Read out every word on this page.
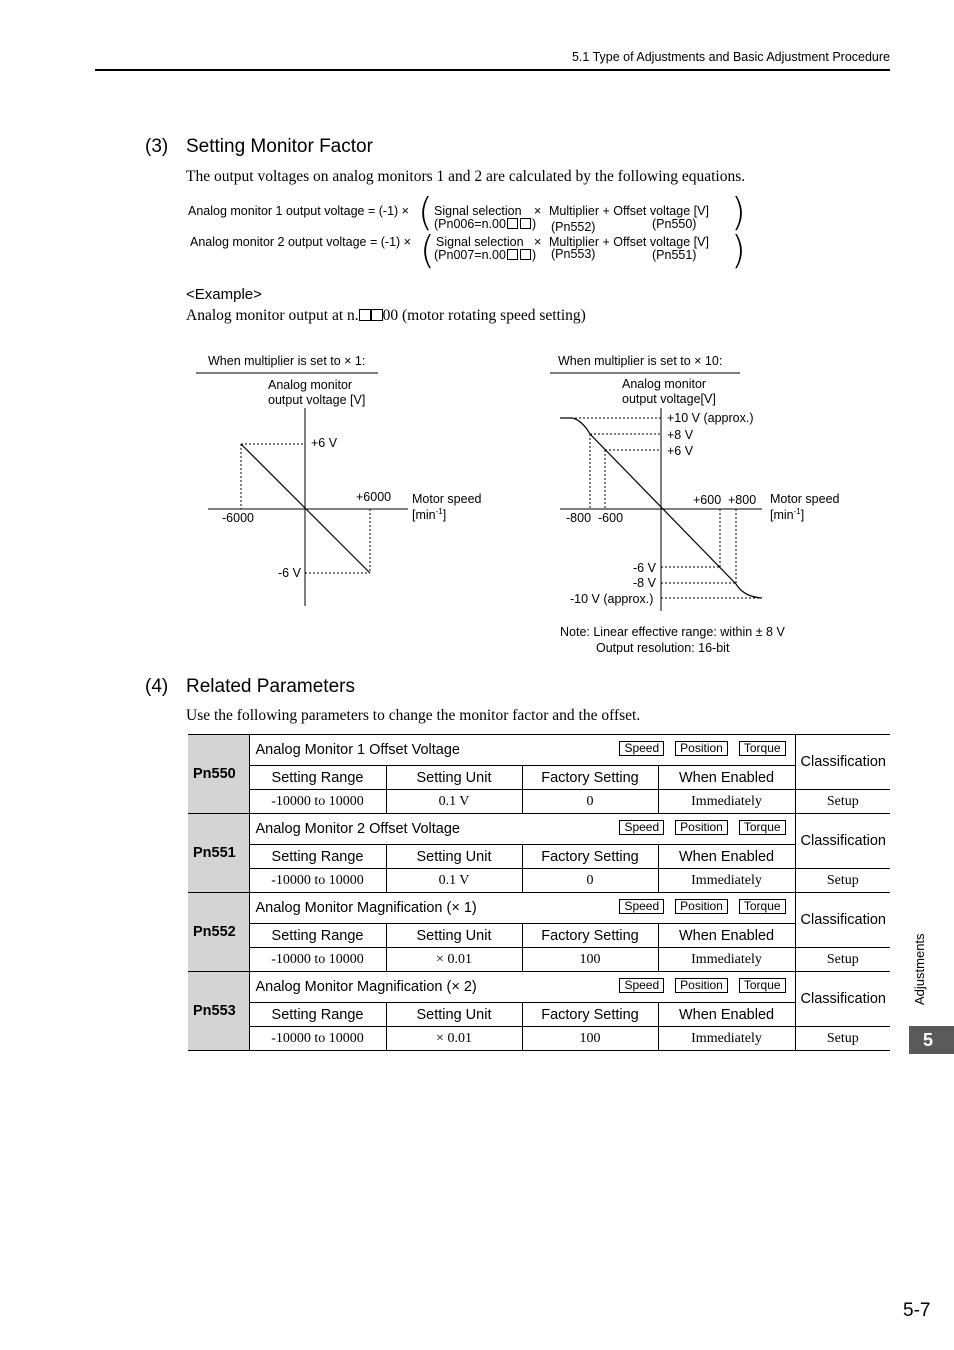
5.1 Type of Adjustments and Basic Adjustment Procedure
(3) Setting Monitor Factor
The output voltages on analog monitors 1 and 2 are calculated by the following equations.
Analog monitor 1 output voltage = (-1) × ( Signal selection
(Pn006=n.00 )
× Multiplier + Offset voltage [V]
(Pn552)	(Pn550) )
Analog monitor 2 output voltage = (-1) × ( Signal selection
(Pn007=n.00 )
× Multiplier + Offset voltage [V]
(Pn553)	(Pn551) )
<Example>
Analog monitor output at n. 00 (motor rotating speed setting)
When multiplier is set to × 1:
Analog monitor
output voltage [V]
+6 V
+6000
-6000
-6 V
Motor speed
$[\min^{-1}]$
When multiplier is set to × 10:
Analog monitor
output voltage[V]
+10 V (approx.)
+8 V
+6 V
+600 +800
-800 -600
Motor speed
$[\min^{-1}]$
-6 V
-8 V
-10 V (approx.)
Note: Linear effective range: within ± 8 V
Output resolution: 16-bit
(4) Related Parameters
Use the following parameters to change the monitor factor and the offset.
Pn550	Analog Monitor 1 Offset Voltage Speed Position Torque				Classification
	Setting Range	Setting Unit	Factory Setting	When Enabled	
	-10000 to 10000	0.1 V	0	Immediately	Setup
Pn551	Analog Monitor 2 Offset Voltage Speed Position Torque				Classification
	Setting Range	Setting Unit	Factory Setting	When Enabled	
	-10000 to 10000	0.1 V	0	Immediately	Setup
Pn552	Analog Monitor Magnification (× 1) Speed Position Torque				Classification
	Setting Range	Setting Unit	Factory Setting	When Enabled	
	-10000 to 10000	× 0.01	100	Immediately	Setup
Pn553	Analog Monitor Magnification (× 2) Speed Position Torque				Classification
	Setting Range	Setting Unit	Factory Setting	When Enabled	
	-10000 to 10000	× 0.01	100	Immediately	Setup
Adjustments
5
5-7
